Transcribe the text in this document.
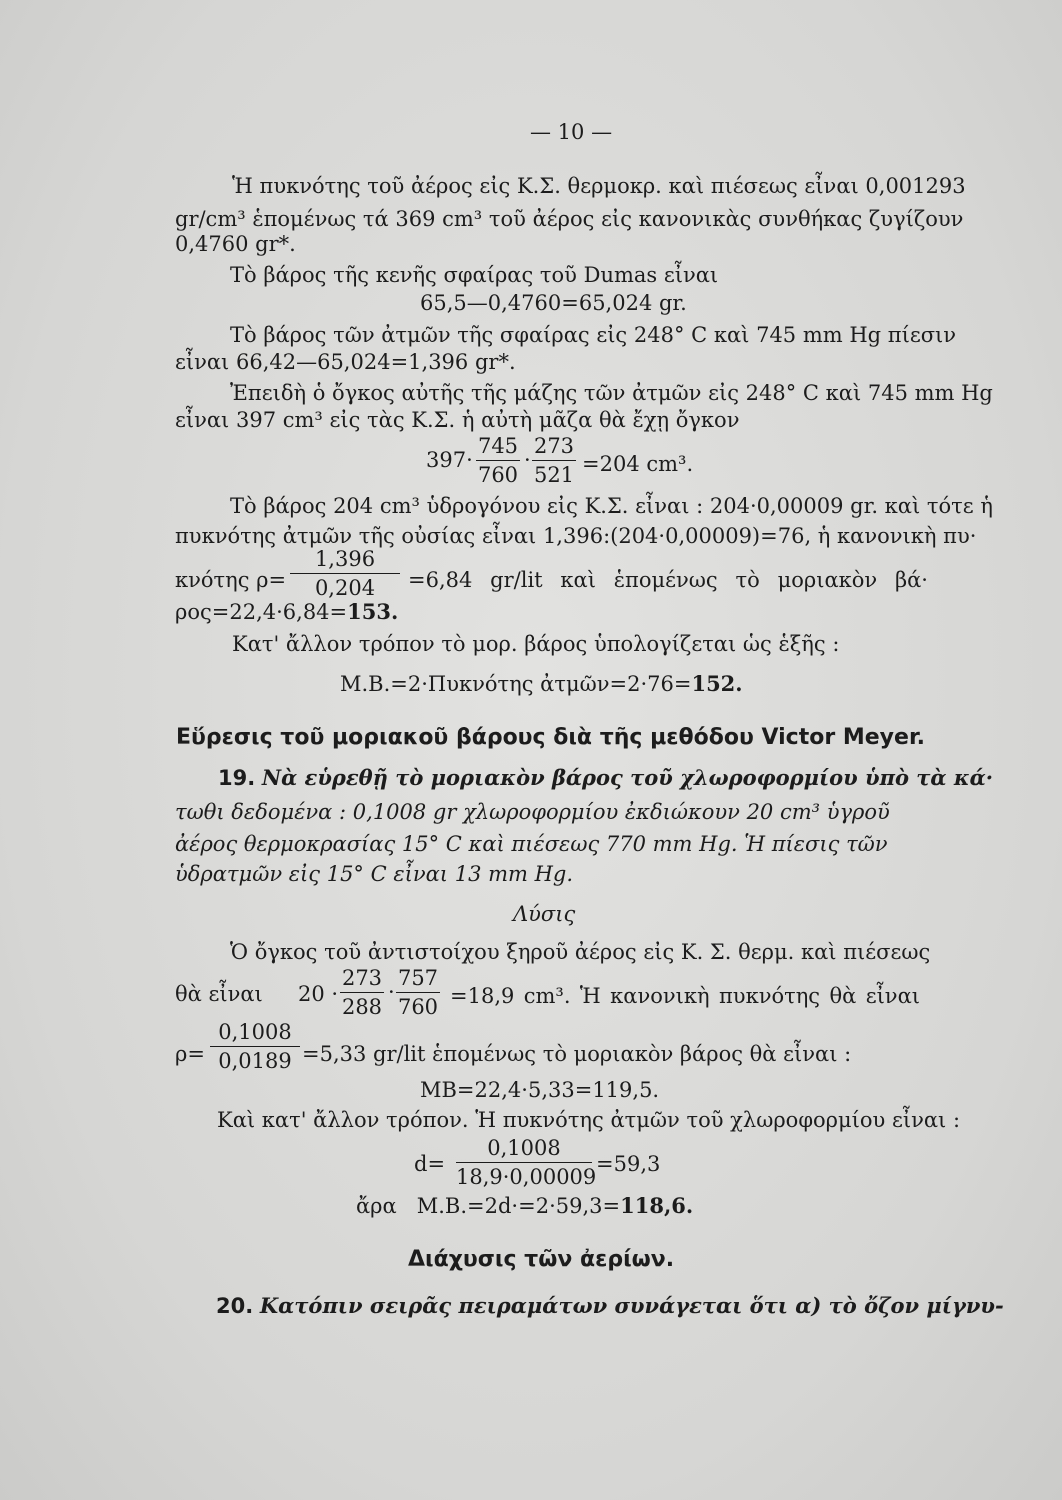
— 10 —
Ἡ πυκνότης τοῦ ἀέρος εἰς Κ.Σ. θερμοκρ. καὶ πιέσεως εἶναι 0,001293
gr/cm³ ἑπομένως τά 369 cm³ τοῦ ἀέρος εἰς κανονικὰς συνθήκας ζυγίζουν
0,4760 gr*.
Τὸ βάρος τῆς κενῆς σφαίρας τοῦ Dumas εἶναι
65,5—0,4760=65,024 gr.
Τὸ βάρος τῶν ἀτμῶν τῆς σφαίρας εἰς 248° C καὶ 745 mm Hg πίεσιν
εἶναι 66,42—65,024=1,396 gr*.
Ἐπειδὴ ὁ ὄγκος αὐτῆς τῆς μάζης τῶν ἀτμῶν εἰς 248° C καὶ 745 mm Hg
εἶναι 397 cm³ εἰς τὰς Κ.Σ. ἡ αὐτὴ μᾶζα θὰ ἔχῃ ὄγκον
397·
745
760
·
273
521 =204 cm³.
Τὸ βάρος 204 cm³ ὑδρογόνου εἰς Κ.Σ. εἶναι : 204·0,00009 gr. καὶ τότε ἡ
πυκνότης ἀτμῶν τῆς οὐσίας εἶναι 1,396:(204·0,00009)=76, ἡ κανονικὴ πυ·
κνότης ρ=
1,396
0,204	=6,84 gr/lit καὶ ἑπομένως τὸ μοριακὸν βά·
ρος=22,4·6,84=153.
Κατ' ἄλλον τρόπον τὸ μορ. βάρος ὑπολογίζεται ὡς ἑξῆς :
Μ.Β.=2·Πυκνότης ἀτμῶν=2·76=152.
Εὕρεσις τοῦ μοριακοῦ βάρους διὰ τῆς μεθόδου Victor Meyer.
19. Νὰ εὑρεθῇ τὸ μοριακὸν βάρος τοῦ χλωροφορμίου ὑπὸ τὰ κά·
τωθι δεδομένα : 0,1008 gr χλωροφορμίου ἐκδιώκουν 20 cm³ ὑγροῦ
ἀέρος θερμοκρασίας 15° C καὶ πιέσεως 770 mm Hg. Ἡ πίεσις τῶν
ὑδρατμῶν εἰς 15° C εἶναι 13 mm Hg.
Λύσις
Ὁ ὄγκος τοῦ ἀντιστοίχου ξηροῦ ἀέρος εἰς Κ. Σ. θερμ. καὶ πιέσεως
θὰ εἶναι 20 ·
273
288
·
757
760 =18,9 cm³. Ἡ κανονικὴ πυκνότης θὰ εἶναι
ρ=
0,1008
0,0189 =5,33 gr/lit ἑπομένως τὸ μοριακὸν βάρος θὰ εἶναι :
ΜΒ=22,4·5,33=119,5.
Καὶ κατ' ἄλλον τρόπον. Ἡ πυκνότης ἀτμῶν τοῦ χλωροφορμίου εἶναι :
d=
0,1008
18,9·0,00009
=59,3
ἄρα Μ.Β.=2d·=2·59,3=118,6.
Διάχυσις τῶν ἀερίων.
20. Κατόπιν σειρᾶς πειραμάτων συνάγεται ὅτι α) τὸ ὄζον μίγνυ-
